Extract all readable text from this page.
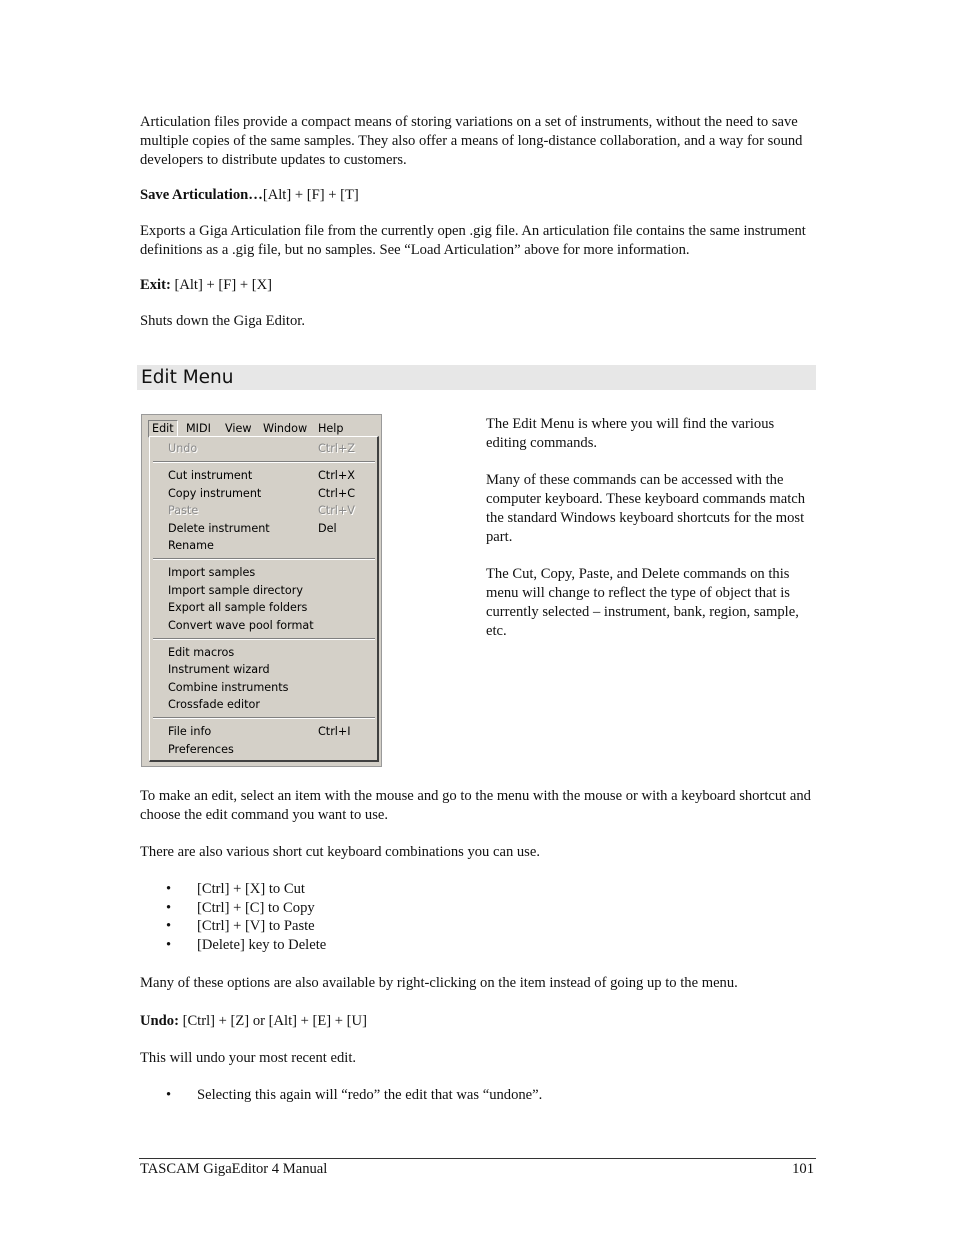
Articulation files provide a compact means of storing variations on a set of instruments, without the need to save multiple copies of the same samples. They also offer a means of long-distance collaboration, and a way for sound developers to distribute updates to customers.

Save Articulation…[Alt] + [F] + [T]

Exports a Giga Articulation file from the currently open .gig file. An articulation file contains the same instrument definitions as a .gig file, but no samples. See “Load Articulation” above for more information.

Exit: [Alt] + [F] + [X]

Shuts down the Giga Editor.

Edit Menu
Edit	MIDI View Window Help
Undo	Ctrl+Z
Cut instrument	Ctrl+X
Copy instrument	Ctrl+C
Paste	Ctrl+V
Delete instrument	Del
Rename
Import samples
Import sample directory
Export all sample folders
Convert wave pool format
Edit macros
Instrument wizard
Combine instruments
Crossfade editor
File info	Ctrl+I
Preferences

The Edit Menu is where you will find the various editing commands.

Many of these commands can be accessed with the computer keyboard. These keyboard commands match the standard Windows keyboard shortcuts for the most part.

The Cut, Copy, Paste, and Delete commands on this menu will change to reflect the type of object that is currently selected – instrument, bank, region, sample, etc.

To make an edit, select an item with the mouse and go to the menu with the mouse or with a keyboard shortcut and choose the edit command you want to use.

There are also various short cut keyboard combinations you can use.

• [Ctrl] + [X] to Cut
• [Ctrl] + [C] to Copy
• [Ctrl] + [V] to Paste
• [Delete] key to Delete

Many of these options are also available by right-clicking on the item instead of going up to the menu.

Undo: [Ctrl] + [Z] or [Alt] + [E] + [U]

This will undo your most recent edit.

• Selecting this again will “redo” the edit that was “undone”.
TASCAM GigaEditor 4 Manual	101
